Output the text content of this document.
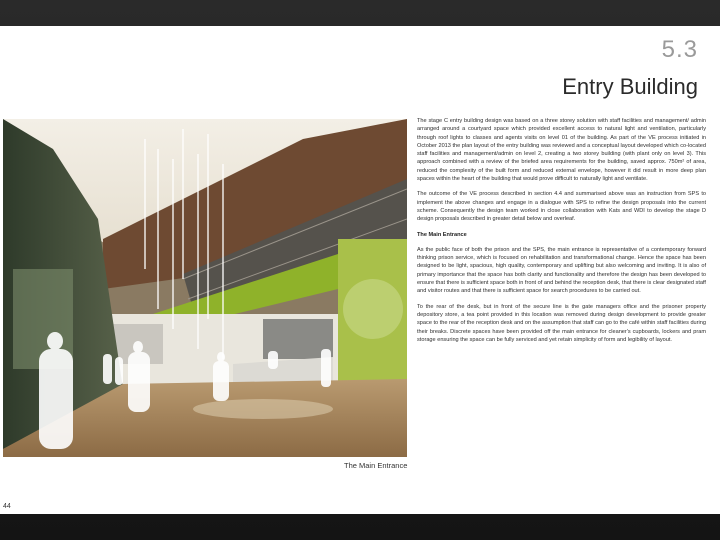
5.3
Entry Building
The Main Entrance
44

The stage C entry building design was based on a three storey solution with staff facilities and management/ admin arranged around a courtyard space which provided excellent access to natural light and ventilation, particularly through roof lights to classes and agents visits on level 01 of the building. As part of the VE process initiated in October 2013 the plan layout of the entry building was reviewed and a conceptual layout developed which co-located staff facilities and management/admin on level 2, creating a two storey building (with plant only on level 3). This approach combined with a review of the briefed area requirements for the building, saved approx. 750m² of area, reduced the complexity of the built form and reduced external envelope, however it did result in more deep plan spaces within the heart of the building that would prove difficult to naturally light and ventilate.

The outcome of the VE process described in section 4.4 and summarised above was an instruction from SPS to implement the above changes and engage in a dialogue with SPS to refine the design proposals into the current scheme. Consequently the design team worked in close collaboration with Kats and WDI to develop the stage D design proposals described in greater detail below and overleaf.

The Main Entrance

As the public face of both the prison and the SPS, the main entrance is representative of a contemporary forward thinking prison service, which is focused on rehabilitation and transformational change. Hence the space has been designed to be light, spacious, high quality, contemporary and uplifting but also welcoming and inviting. It is also of primary importance that the space has both clarity and functionality and therefore the design has been developed to ensure that there is sufficient space both in front of and behind the reception desk, that there is clear designated staff and visitor routes and that there is sufficient space for search procedures to be carried out.

To the rear of the desk, but in front of the secure line is the gate managers office and the prisoner property depository store, a tea point provided in this location was removed during design development to provide greater space to the rear of the reception desk and on the assumption that staff can go to the café within staff facilities during their breaks. Discrete spaces have been provided off the main entrance for cleaner's cupboards, lockers and pram storage ensuring the space can be fully serviced and yet retain simplicity of form and legibility of layout.
